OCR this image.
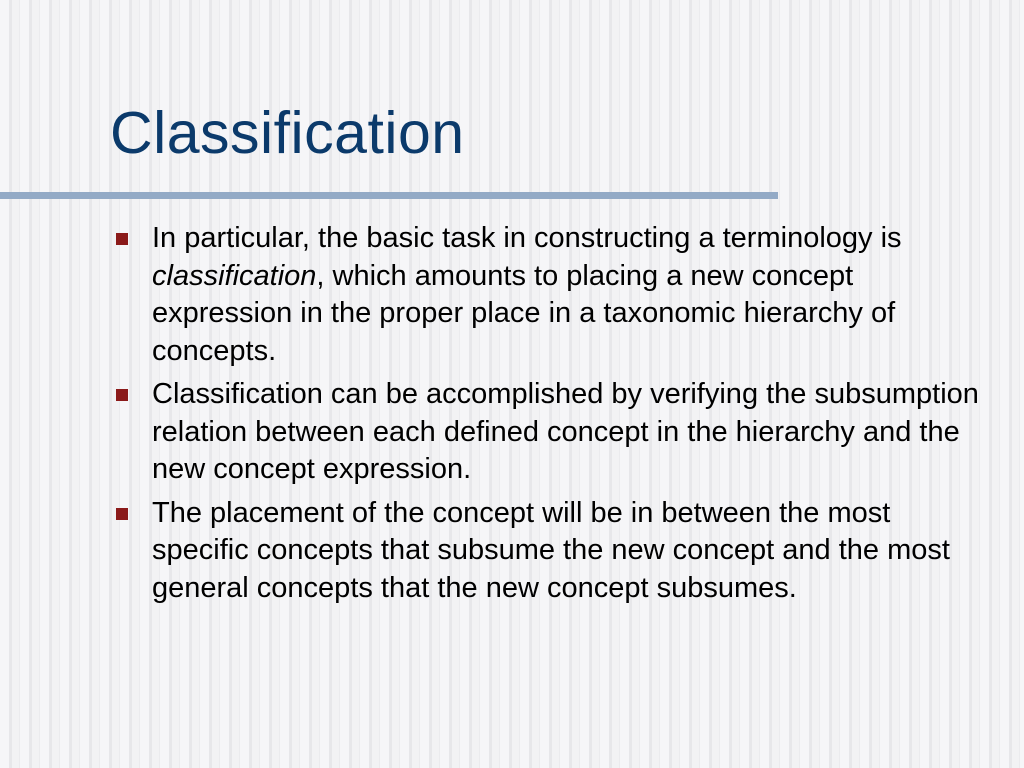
Classification
In particular, the basic task in constructing a terminology is classification, which amounts to placing a new concept expression in the proper place in a taxonomic hierarchy of concepts.
Classification can be accomplished by verifying the subsumption relation between each defined concept in the hierarchy and the new concept expression.
The placement of the concept will be in between the most specific concepts that subsume the new concept and the most general concepts that the new concept subsumes.
